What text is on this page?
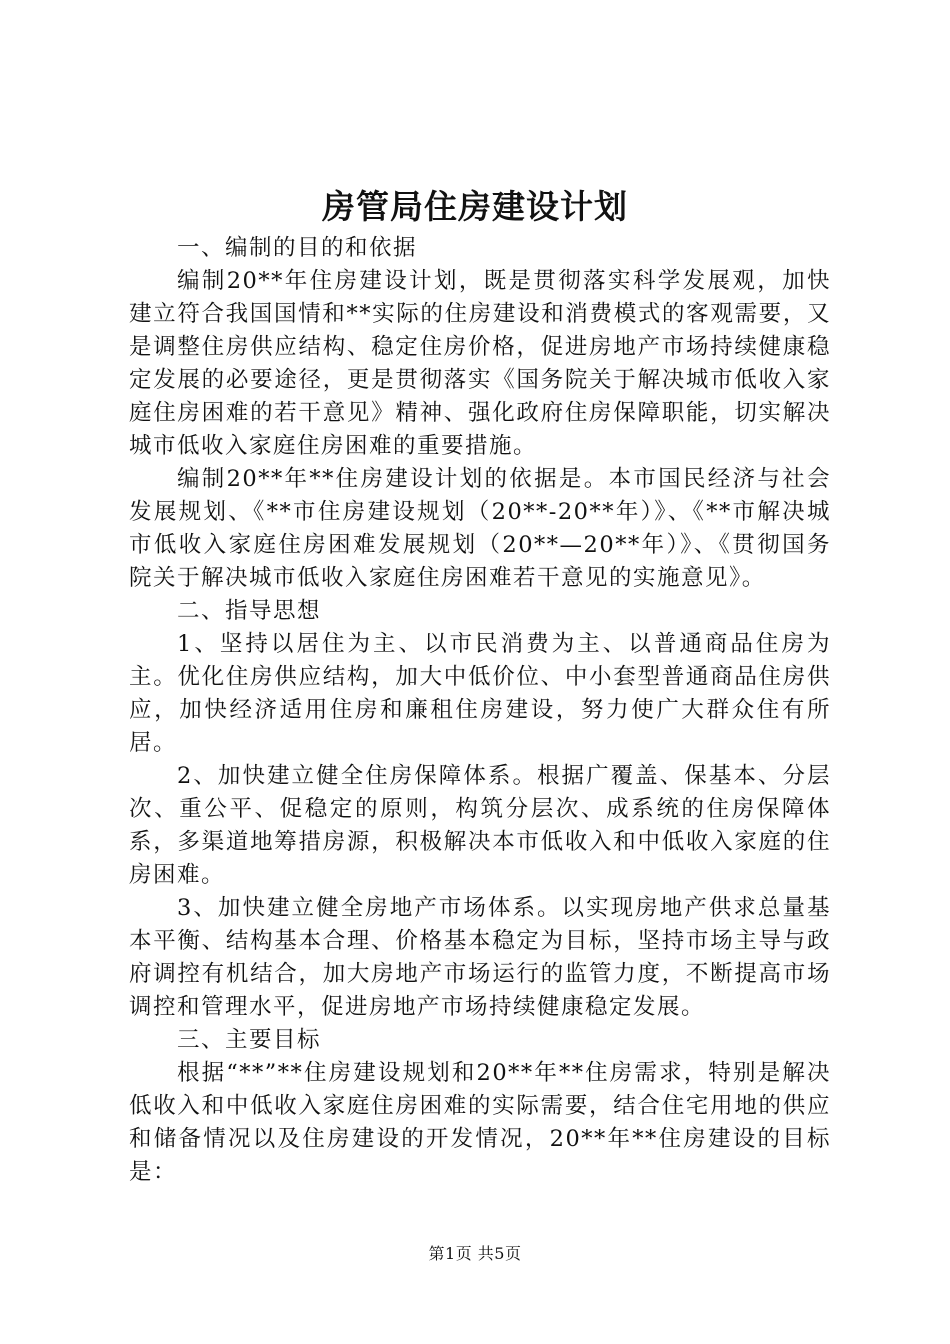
房管局住房建设计划

一、编制的目的和依据

编制20**年住房建设计划，既是贯彻落实科学发展观，加快建立符合我国国情和**实际的住房建设和消费模式的客观需要，又是调整住房供应结构、稳定住房价格，促进房地产市场持续健康稳定发展的必要途径，更是贯彻落实《国务院关于解决城市低收入家庭住房困难的若干意见》精神、强化政府住房保障职能，切实解决城市低收入家庭住房困难的重要措施。

编制20**年**住房建设计划的依据是。本市国民经济与社会发展规划、《**市住房建设规划（20**-20**年）》、《**市解决城市低收入家庭住房困难发展规划（20**—20**年）》、《贯彻国务院关于解决城市低收入家庭住房困难若干意见的实施意见》。

二、指导思想

1、坚持以居住为主、以市民消费为主、以普通商品住房为主。优化住房供应结构，加大中低价位、中小套型普通商品住房供应，加快经济适用住房和廉租住房建设，努力使广大群众住有所居。

2、加快建立健全住房保障体系。根据广覆盖、保基本、分层次、重公平、促稳定的原则，构筑分层次、成系统的住房保障体系，多渠道地筹措房源，积极解决本市低收入和中低收入家庭的住房困难。

3、加快建立健全房地产市场体系。以实现房地产供求总量基本平衡、结构基本合理、价格基本稳定为目标，坚持市场主导与政府调控有机结合，加大房地产市场运行的监管力度，不断提高市场调控和管理水平，促进房地产市场持续健康稳定发展。

三、主要目标

根据“**”**住房建设规划和20**年**住房需求，特别是解决低收入和中低收入家庭住房困难的实际需要，结合住宅用地的供应和储备情况以及住房建设的开发情况，20**年**住房建设的目标是：

第1页 共5页
